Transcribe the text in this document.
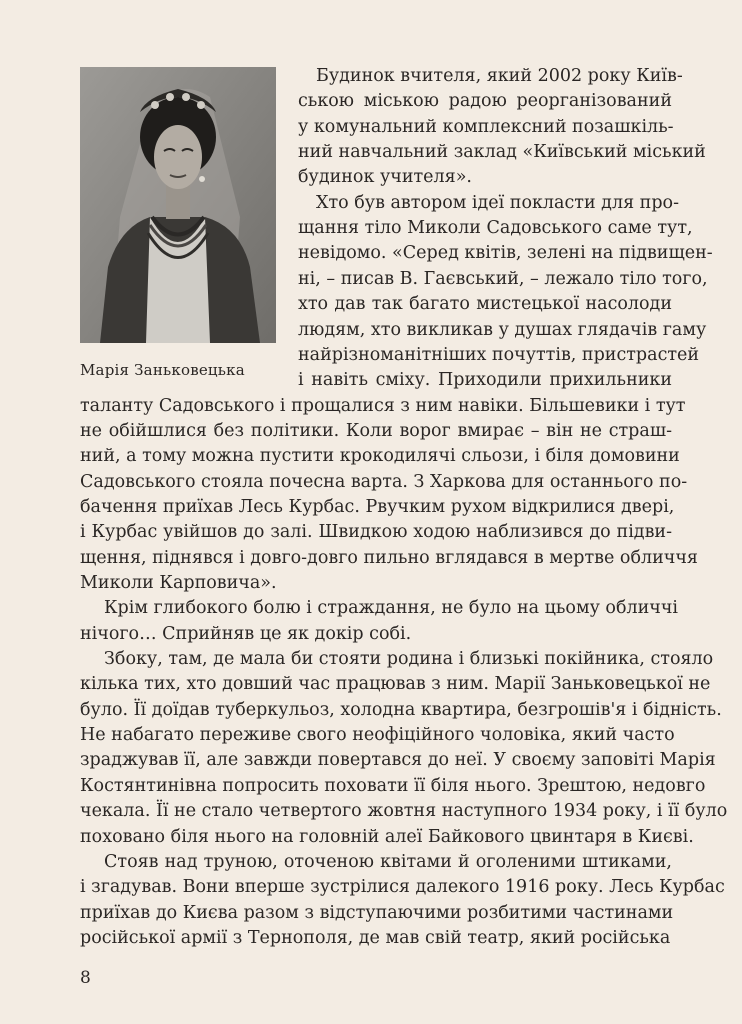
Марія Заньковецька
Будинок вчителя, який 2002 року Київ-
ською міською радою реорганізований
у комунальний комплексний позашкіль-
ний навчальний заклад «Київський міський
будинок учителя».
Хто був автором ідеї покласти для про-
щання тіло Миколи Садовського саме тут,
невідомо. «Серед квітів, зелені на підвищен-
ні, – писав В. Гаєвський, – лежало тіло того,
хто дав так багато мистецької насолоди
людям, хто викликав у душах глядачів гаму
найрізноманітніших почуттів, пристрастей
і навіть сміху. Приходили прихильники
таланту Садовського і прощалися з ним навіки. Більшевики і тут
не обійшлися без політики. Коли ворог вмирає – він не страш-
ний, а тому можна пустити крокодилячі сльози, і біля домовини
Садовського стояла почесна варта. З Харкова для останнього по-
бачення приїхав Лесь Курбас. Рвучким рухом відкрилися двері,
і Курбас увійшов до залі. Швидкою ходою наблизився до підви-
щення, піднявся і довго-довго пильно вглядався в мертве обличчя
Миколи Карповича».
Крім глибокого болю і страждання, не було на цьому обличчі
нічого… Сприйняв це як докір собі.
Збоку, там, де мала би стояти родина і близькі покійника, стояло
кілька тих, хто довший час працював з ним. Марії Заньковецької не
було. Її доїдав туберкульоз, холодна квартира, безгрошів'я і бідність.
Не набагато переживе свого неофіційного чоловіка, який часто
зраджував її, але завжди повертався до неї. У своєму заповіті Марія
Костянтинівна попросить поховати її біля нього. Зрештою, недовго
чекала. Її не стало четвертого жовтня наступного 1934 року, і її було
поховано біля нього на головній алеї Байкового цвинтаря в Києві.
Стояв над труною, оточеною квітами й оголеними штиками,
і згадував. Вони вперше зустрілися далекого 1916 року. Лесь Курбас
приїхав до Києва разом з відступаючими розбитими частинами
російської армії з Тернополя, де мав свій театр, який російська
8
